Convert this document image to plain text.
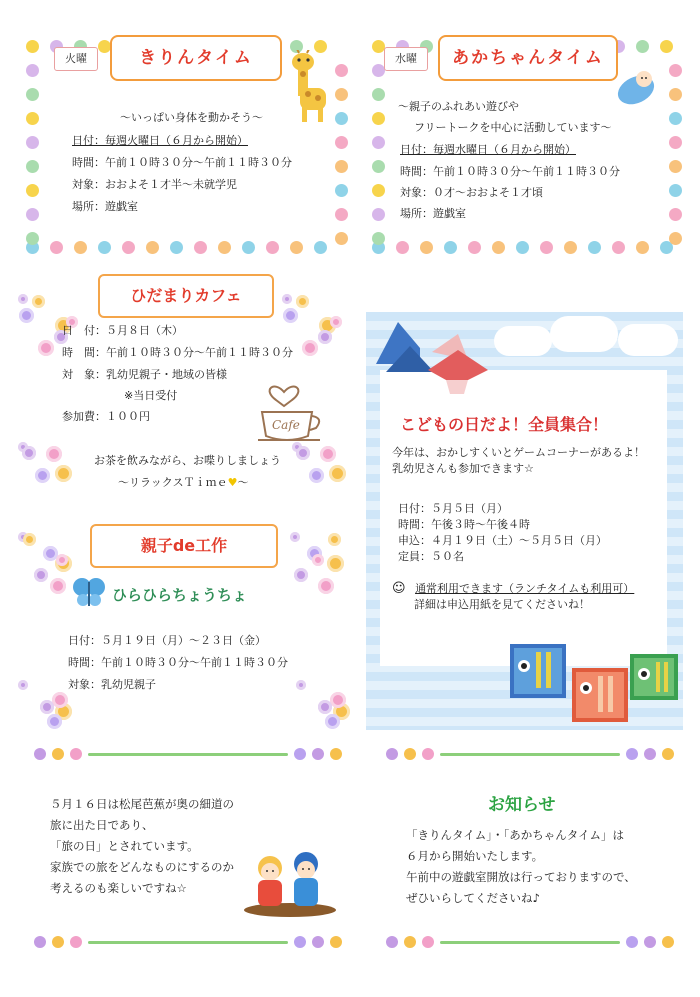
火曜	きりんタイム
〜いっぱい身体を動かそう〜
日付：毎週火曜日（６月から開始）
時間：午前１０時３０分〜午前１１時３０分
対象：おおよそ１才半〜未就学児
場所：遊戯室
水曜	あかちゃんタイム
〜親子のふれあい遊びや
フリートークを中心に活動しています〜
日付：毎週水曜日（６月から開始）
時間：午前１０時３０分〜午前１１時３０分
対象：０才〜おおよそ１才頃
場所：遊戯室
ひだまりカフェ
日　付：５月８日（木）
時　間：午前１０時３０分〜午前１１時３０分
対　象：乳幼児親子・地域の皆様
※当日受付
参加費：１００円
Cafe
お茶を飲みながら、お喋りしましょう
〜リラックスＴｉｍｅ♥〜
親子de工作
ひらひらちょうちょ
日付：５月１９日（月）〜２３日（金）
時間：午前１０時３０分〜午前１１時３０分
対象：乳幼児親子
こどもの日だよ！全員集合！
今年は、おかしすくいとゲームコーナーがあるよ！
乳幼児さんも参加できます☆
日付：５月５日（月）
時間：午後３時〜午後４時
申込：４月１９日（土）〜５月５日（月）
定員：５０名
☺ 通常利用できます（ランチタイムも利用可）
詳細は申込用紙を見てくださいね！
５月１６日は松尾芭蕉が奥の細道の
旅に出た日であり、
「旅の日」とされています。
家族での旅をどんなものにするのか
考えるのも楽しいですね☆
お知らせ
「きりんタイム」・「あかちゃんタイム」は
６月から開始いたします。
午前中の遊戯室開放は行っておりますので、
ぜひいらしてくださいね♪
